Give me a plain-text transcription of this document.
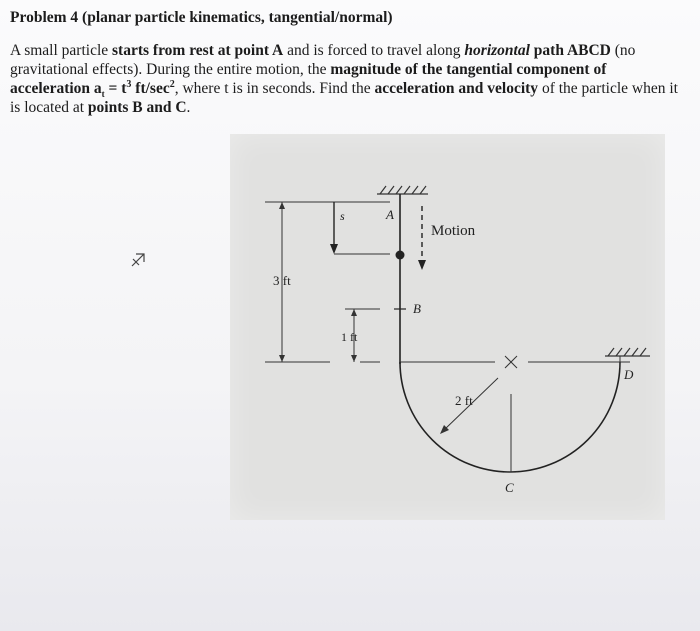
Problem 4 (planar particle kinematics, tangential/normal)
A small particle starts from rest at point A and is forced to travel along horizontal path ABCD (no gravitational effects). During the entire motion, the magnitude of the tangential component of acceleration $a_t = t^3$ $ft/\sec^2$, where t is in seconds. Find the acceleration and velocity of the particle when it is located at points B and C.
s	A
Motion
3 ft
B
1 ft
2 ft
C
D
